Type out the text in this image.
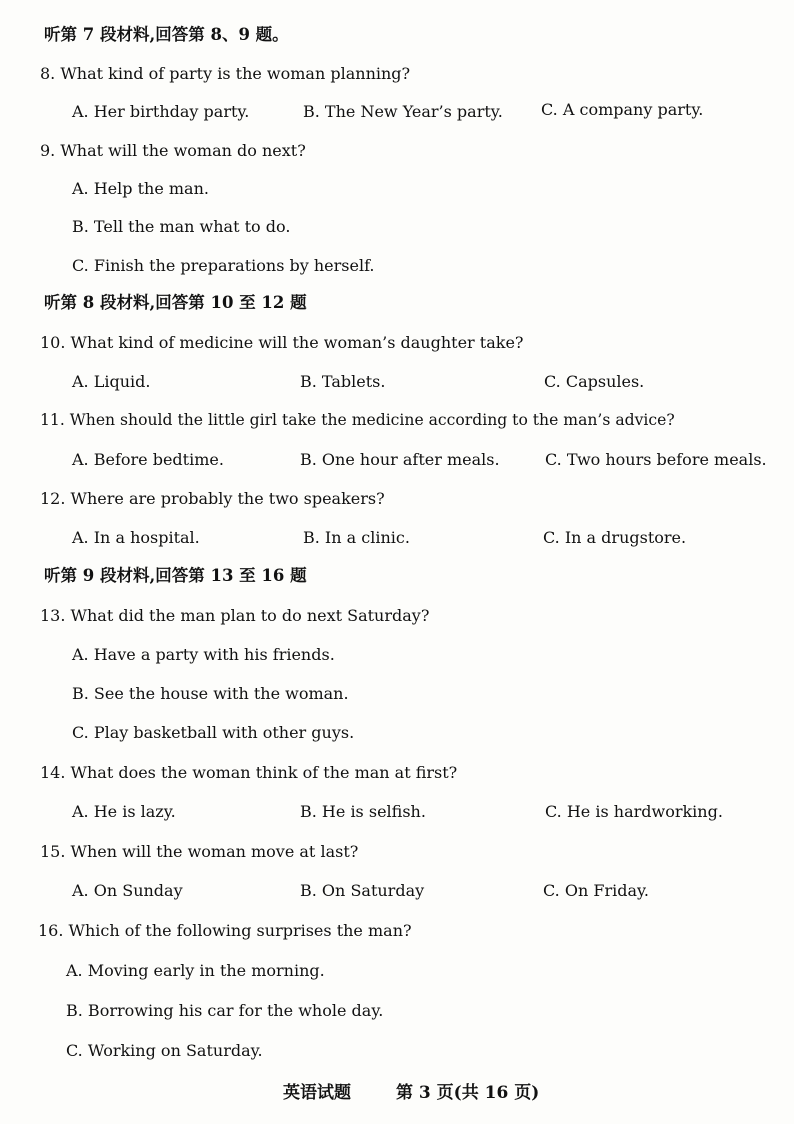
听第 7 段材料,回答第 8、9 题。
8. What kind of party is the woman planning?
A. Her birthday party.	B. The New Year’s party. C. A company party.
9. What will the woman do next?
A. Help the man.
B. Tell the man what to do.
C. Finish the preparations by herself.
听第 8 段材料,回答第 10 至 12 题
10. What kind of medicine will the woman’s daughter take?
A. Liquid.	B. Tablets.	C. Capsules.
11. When should the little girl take the medicine according to the man’s advice?
A. Before bedtime.	B. One hour after meals.	C. Two hours before meals.
12. Where are probably the two speakers?
A. In a hospital.	B. In a clinic.	C. In a drugstore.
听第 9 段材料,回答第 13 至 16 题
13. What did the man plan to do next Saturday?
A. Have a party with his friends.
B. See the house with the woman.
C. Play basketball with other guys.
14. What does the woman think of the man at first?
A. He is lazy.	B. He is selfish.	C. He is hardworking.
15. When will the woman move at last?
A. On Sunday	B. On Saturday	C. On Friday.
16. Which of the following surprises the man?
A. Moving early in the morning.
B. Borrowing his car for the whole day.
C. Working on Saturday.
英语试题	第 3 页(共 16 页)
